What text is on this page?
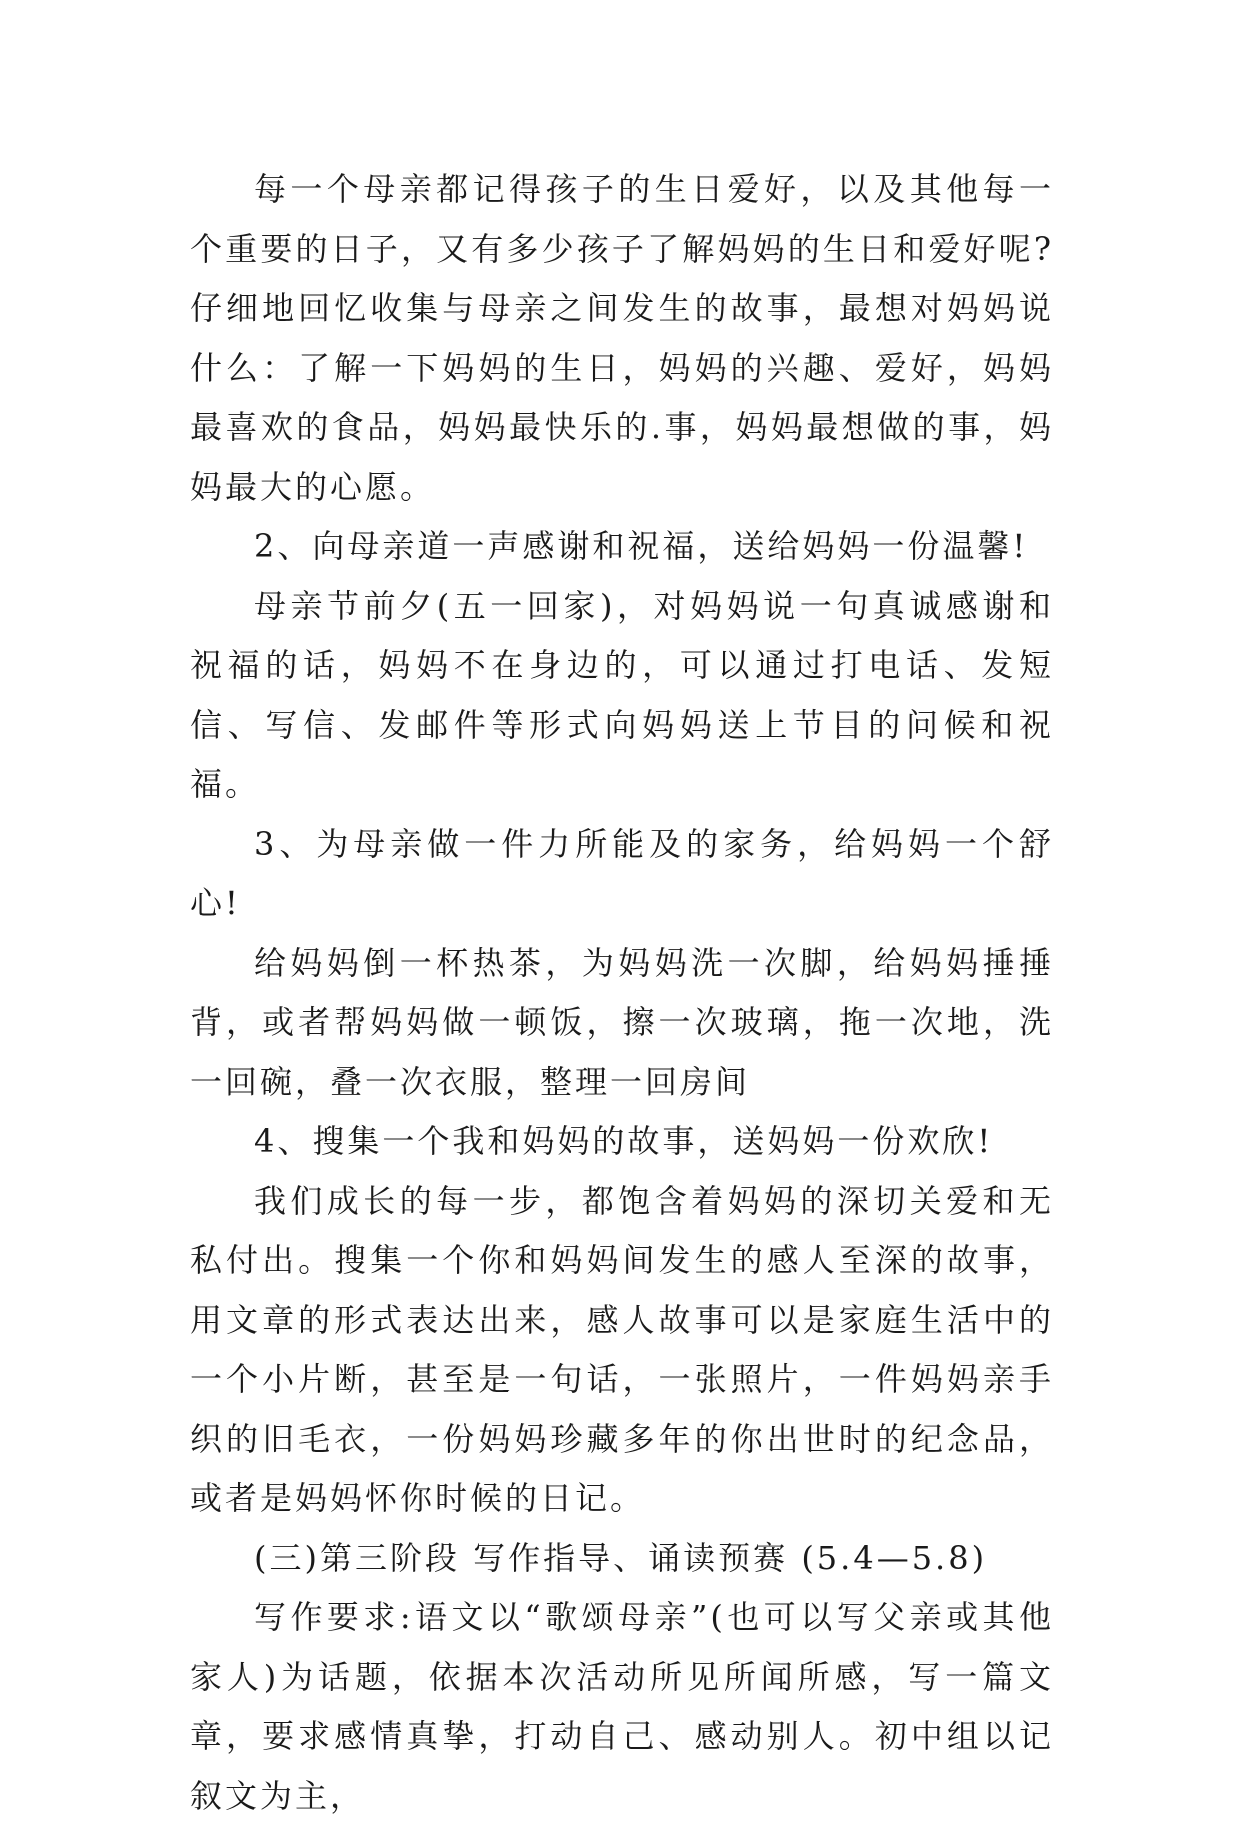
每一个母亲都记得孩子的生日爱好，以及其他每一个重要的日子，又有多少孩子了解妈妈的生日和爱好呢?仔细地回忆收集与母亲之间发生的故事，最想对妈妈说什么：了解一下妈妈的生日，妈妈的兴趣、爱好，妈妈最喜欢的食品，妈妈最快乐的.事，妈妈最想做的事，妈妈最大的心愿。

2、向母亲道一声感谢和祝福，送给妈妈一份温馨!

母亲节前夕(五一回家)，对妈妈说一句真诚感谢和祝福的话，妈妈不在身边的，可以通过打电话、发短信、写信、发邮件等形式向妈妈送上节目的问候和祝福。

3、为母亲做一件力所能及的家务，给妈妈一个舒心!

给妈妈倒一杯热茶，为妈妈洗一次脚，给妈妈捶捶背，或者帮妈妈做一顿饭，擦一次玻璃，拖一次地，洗一回碗，叠一次衣服，整理一回房间

4、搜集一个我和妈妈的故事，送妈妈一份欢欣!

我们成长的每一步，都饱含着妈妈的深切关爱和无私付出。搜集一个你和妈妈间发生的感人至深的故事，用文章的形式表达出来，感人故事可以是家庭生活中的一个小片断，甚至是一句话，一张照片，一件妈妈亲手织的旧毛衣，一份妈妈珍藏多年的你出世时的纪念品，或者是妈妈怀你时候的日记。

(三)第三阶段 写作指导、诵读预赛 (5.4—5.8)

写作要求:语文以“歌颂母亲”(也可以写父亲或其他家人)为话题，依据本次活动所见所闻所感，写一篇文章，要求感情真挚，打动自己、感动别人。初中组以记叙文为主，
